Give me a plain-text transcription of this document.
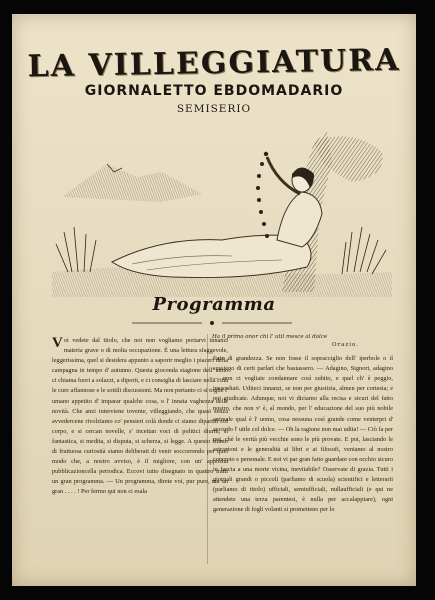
LA VILLEGGIATURA
GIORNALETTO EBDOMADARIO
SEMISERIO
Programma
Ha il primo onor chi l' util mesce al dolce
Orazio.
Voi vedete dal titolo, che noi non vogliamo portarvi innanzi materia grave o di molta occupazione. È una lettura sfaggevole, leggerissima, quel si desidera appunto a saporir meglio i piaceri della campagna in tempo d' autunno. Questa gioconda stagione dell' anno ci chiama fuori a solazzi, a diporti, e ci consiglia di lasciare nella città le cure affannose e le sottili discussioni. Ma non pertanto ci si toglie l' umano appetito d' imparar qualche cosa, o l' innata vaghezza delle novità. Che anzi interviene tovente, villeggiando, che quasi senza avvedercene rivolziamo co' pensieri colà donde ci siamo dipartiti col corpo, e si cercan novelle, s' incettan voci di politici diurni, si fantastica, si medita, si disputa, si scherza, si legge. A questo istinto di fruttuosa curiosità siamo deliberati di venir soccorrendo per quel modo che, a nostro avviso, è il migliore, con un' apposita pubblicazioncella periodica. Eccovi tutto disegnato in quattro tratti un gran programma. — Un programma, direte voi, pur pure, ma un gran . . . . ! Per fermo qui non ci esala
fiato di grandezza. Se non fosse il sopracciglio dell' iperbole o il sussiego di certi parlari che bastassero. — Adagino, Signori, adagino — non ci vogliate condannare così subito, e quel ch' è peggio, inascoltati. Uditeci innanzi, se non per giustizia, almen per cortesia; e poi giudicate. Adunque, noi vi diciamo alla recisa e sicuri del fatto nostro, che non v' è, al mondo, per l' educazione del suo più nobile animale qual è l' uomo, cosa nessuna così grande come venterpri d' accordo l' utile col dolce. — Oh la ragione non mai udita! — Ciò fa per noi, chè le verità più vecchie sono le più provate. E poi, lasciando le astrazioni e le generalità ai libri e ai filosofi, veniamo al nostro concreto e personale. E noi vi par gran fatto guardare con occhio sicuro in faccia a una morte vicina, inevitabile? Osservate di grazia. Tutti i giornali grandi o piccoli (parliamo di scuola) scientifici e letterarii (parliamo di titolo) ufficiali, semiufficiali, nullaufficiali (e qui ne attendete una terza parentesi, è nulla per accalappiare), ogni generazione di fogli volanti si prometteno per lo
